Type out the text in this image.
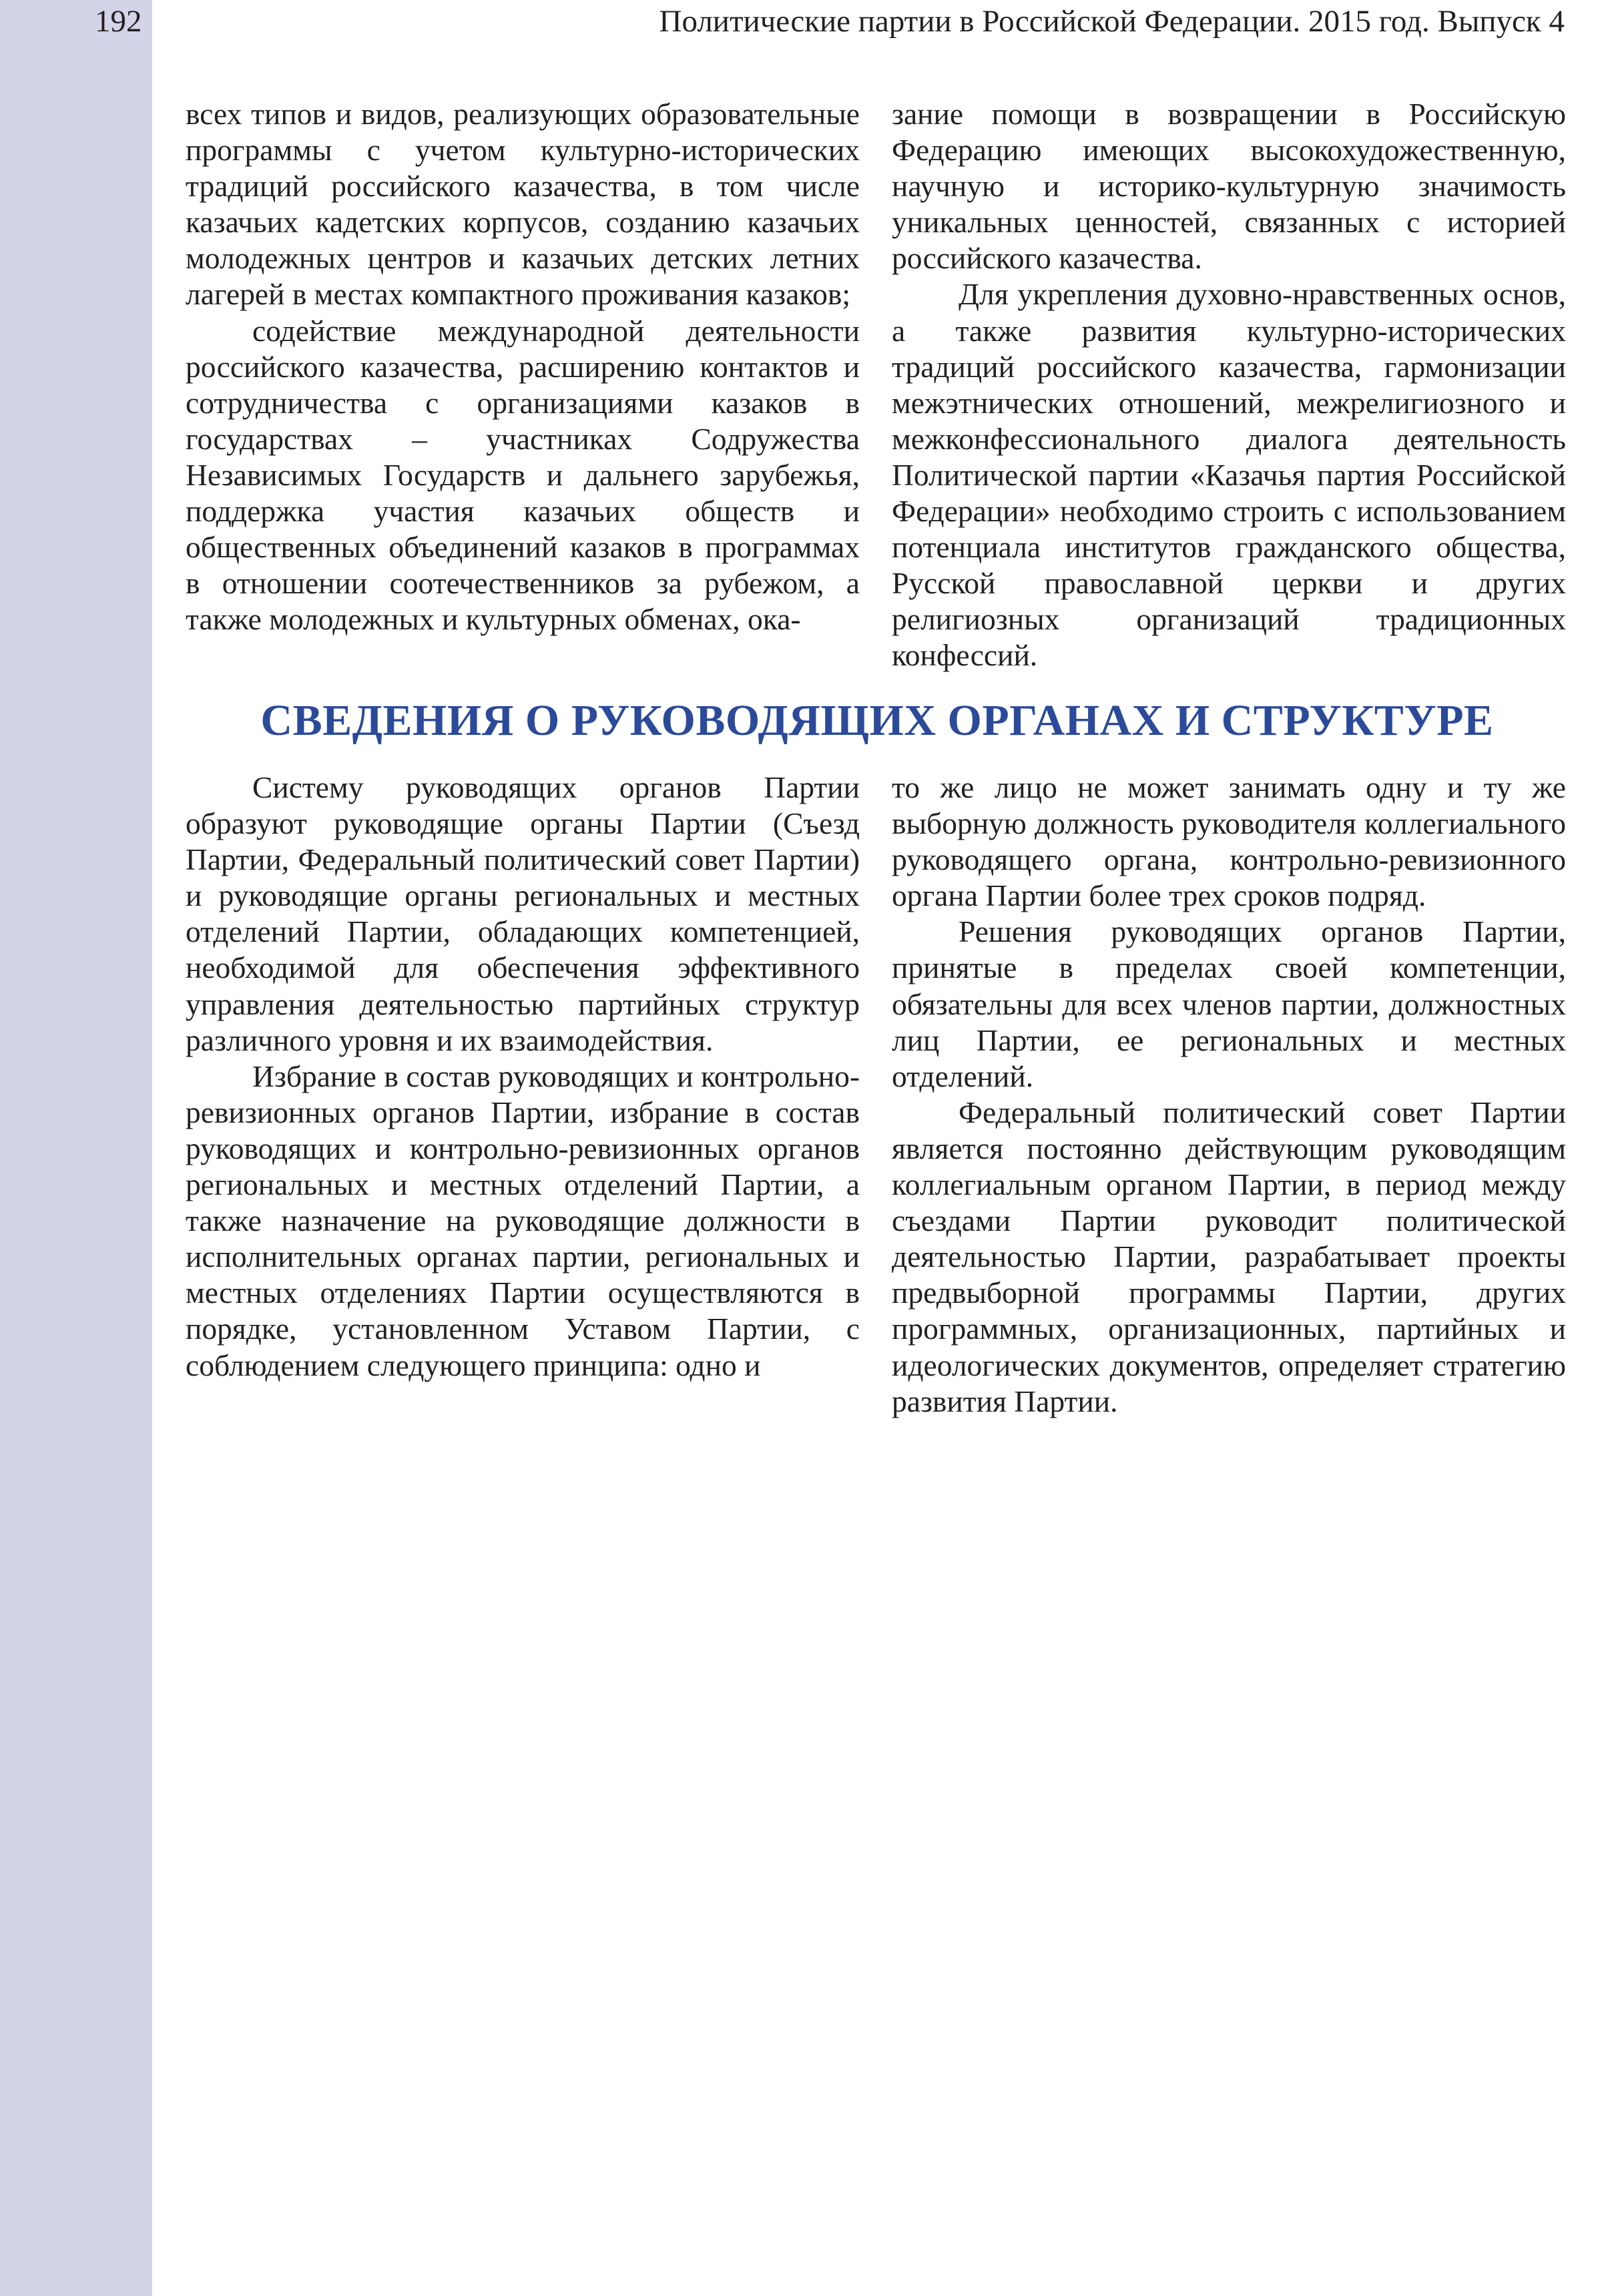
192	Политические партии в Российской Федерации. 2015 год. Выпуск 4

всех типов и видов, реализующих образовательные программы с учетом культурно-исторических традиций российского казачества, в том числе казачьих кадетских корпусов, созданию казачьих молодежных центров и казачьих детских летних лагерей в местах компактного проживания казаков;

содействие международной деятельности российского казачества, расширению контактов и сотрудничества с организациями казаков в государствах – участниках Содружества Независимых Государств и дальнего зарубежья, поддержка участия казачьих обществ и общественных объединений казаков в программах в отношении соотечественников за рубежом, а также молодежных и культурных обменах, ока-

зание помощи в возвращении в Российскую Федерацию имеющих высокохудожественную, научную и историко-культурную значимость уникальных ценностей, связанных с историей российского казачества.

Для укрепления духовно-нравственных основ, а также развития культурно-исторических традиций российского казачества, гармонизации межэтнических отношений, межрелигиозного и межконфессионального диалога деятельность Политической партии «Казачья партия Российской Федерации» необходимо строить с использованием потенциала институтов гражданского общества, Русской православной церкви и других религиозных организаций традиционных конфессий.

СВЕДЕНИЯ О РУКОВОДЯЩИХ ОРГАНАХ И СТРУКТУРЕ

Систему руководящих органов Партии образуют руководящие органы Партии (Съезд Партии, Федеральный политический совет Партии) и руководящие органы региональных и местных отделений Партии, обладающих компетенцией, необходимой для обеспечения эффективного управления деятельностью партийных структур различного уровня и их взаимодействия.

Избрание в состав руководящих и контрольно-ревизионных органов Партии, избрание в состав руководящих и контрольно-ревизионных органов региональных и местных отделений Партии, а также назначение на руководящие должности в исполнительных органах партии, региональных и местных отделениях Партии осуществляются в порядке, установленном Уставом Партии, с соблюдением следующего принципа: одно и

то же лицо не может занимать одну и ту же выборную должность руководителя коллегиального руководящего органа, контрольно-ревизионного органа Партии более трех сроков подряд.

Решения руководящих органов Партии, принятые в пределах своей компетенции, обязательны для всех членов партии, должностных лиц Партии, ее региональных и местных отделений.

Федеральный политический совет Партии является постоянно действующим руководящим коллегиальным органом Партии, в период между съездами Партии руководит политической деятельностью Партии, разрабатывает проекты предвыборной программы Партии, других программных, организационных, партийных и идеологических документов, определяет стратегию развития Партии.
